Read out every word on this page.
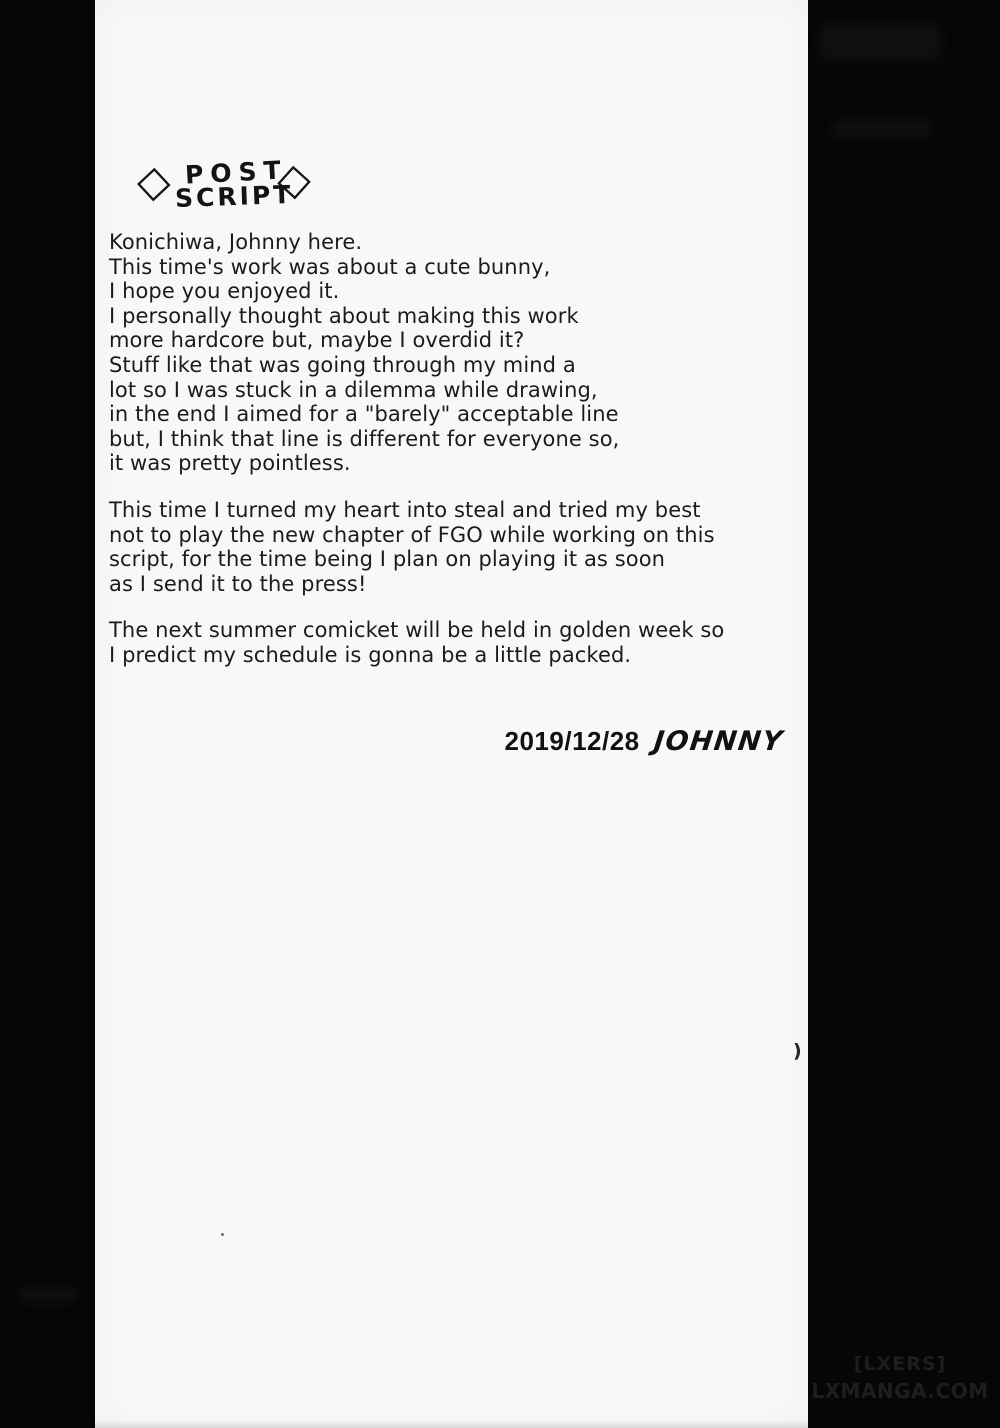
◇ POST
SCRIPT
◇
Konichiwa, Johnny here.
This time's work was about a cute bunny,
I hope you enjoyed it.
I personally thought about making this work
more hardcore but, maybe I overdid it?
Stuff like that was going through my mind a
lot so I was stuck in a dilemma while drawing,
in the end I aimed for a "barely" acceptable line
but, I think that line is different for everyone so,
it was pretty pointless.
This time I turned my heart into steal and tried my best
not to play the new chapter of FGO while working on this
script, for the time being I plan on playing it as soon
as I send it to the press!
The next summer comicket will be held in golden week so
I predict my schedule is gonna be a little packed.
2019/12/28 JOHNNY
)
[LXERS]
LXMANGA.COM
